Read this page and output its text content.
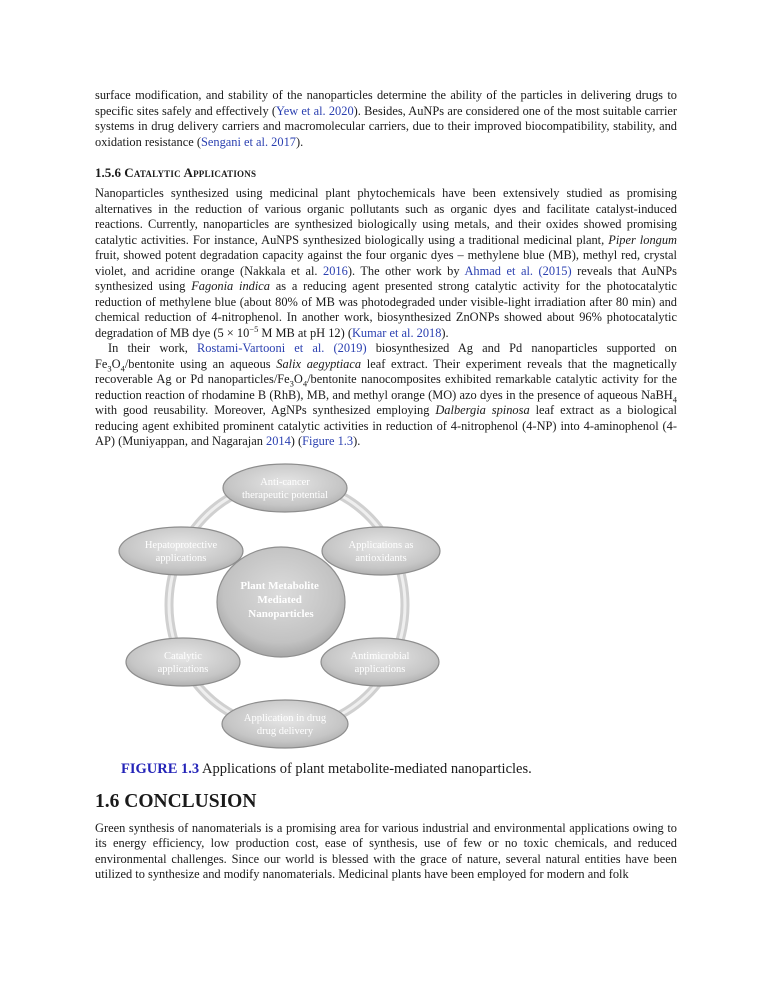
surface modification, and stability of the nanoparticles determine the ability of the particles in delivering drugs to specific sites safely and effectively (Yew et al. 2020). Besides, AuNPs are considered one of the most suitable carrier systems in drug delivery carriers and macromolecular carriers, due to their improved biocompatibility, stability, and oxidation resistance (Sengani et al. 2017).

1.5.6 Catalytic Applications

Nanoparticles synthesized using medicinal plant phytochemicals have been extensively studied as promising alternatives in the reduction of various organic pollutants such as organic dyes and facilitate catalyst-induced reactions. Currently, nanoparticles are synthesized biologically using metals, and their oxides showed promising catalytic activities. For instance, AuNPS synthesized biologically using a traditional medicinal plant, Piper longum fruit, showed potent degradation capacity against the four organic dyes – methylene blue (MB), methyl red, crystal violet, and acridine orange (Nakkala et al. 2016). The other work by Ahmad et al. (2015) reveals that AuNPs synthesized using Fagonia indica as a reducing agent presented strong catalytic activity for the photocatalytic reduction of methylene blue (about 80% of MB was photodegraded under visible-light irradiation after 80 min) and chemical reduction of 4-nitrophenol. In another work, biosynthesized ZnONPs showed about 96% photocatalytic degradation of MB dye ($5 \times 10^{-5}$ M MB at pH 12) (Kumar et al. 2018).

In their work, Rostami-Vartooni et al. (2019) biosynthesized Ag and Pd nanoparticles supported on $Fe_3O_4$/bentonite using an aqueous Salix aegyptiaca leaf extract. Their experiment reveals that the magnetically recoverable Ag or Pd nanoparticles/$Fe_3O_4$/bentonite nanocomposites exhibited remarkable catalytic activity for the reduction reaction of rhodamine B (RhB), MB, and methyl orange (MO) azo dyes in the presence of aqueous NaBH$_4$ with good reusability. Moreover, AgNPs synthesized employing Dalbergia spinosa leaf extract as a biological reducing agent exhibited prominent catalytic activities in reduction of 4-nitrophenol (4-NP) into 4-aminophenol (4-AP) (Muniyappan, and Nagarajan 2014) (Figure 1.3).

Plant Metabolite Mediated Nanoparticles
Anti-cancer therapeutic potential
Applications as antioxidants
Antimicrobial applications
Application in drug drug delivery
Catalytic applications
Hepatoprotective applications
FIGURE 1.3 Applications of plant metabolite-mediated nanoparticles.
1.6 CONCLUSION

Green synthesis of nanomaterials is a promising area for various industrial and environmental applications owing to its energy efficiency, low production cost, ease of synthesis, use of few or no toxic chemicals, and reduced environmental challenges. Since our world is blessed with the grace of nature, several natural entities have been utilized to synthesize and modify nanomaterials. Medicinal plants have been employed for modern and folk
